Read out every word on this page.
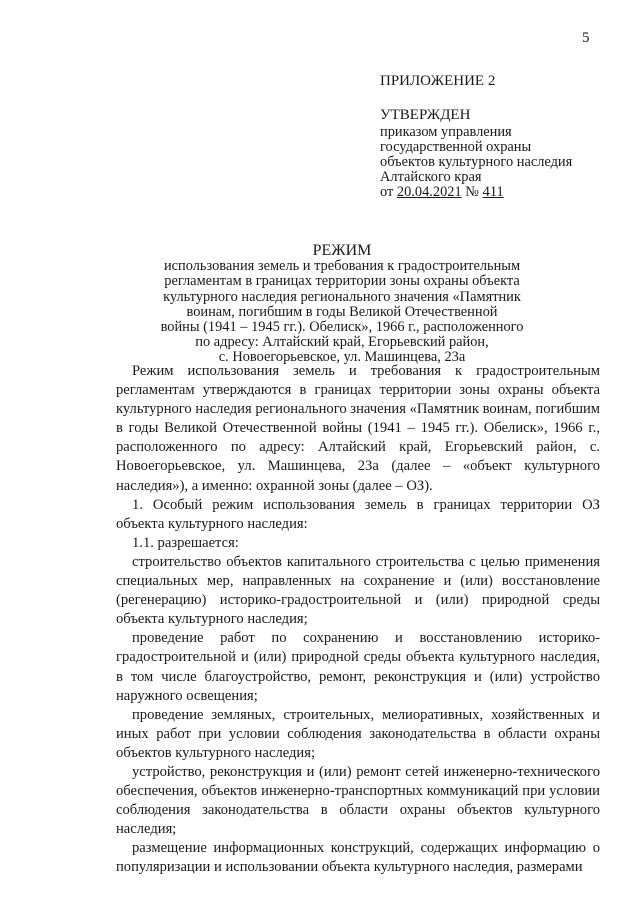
5
ПРИЛОЖЕНИЕ 2
УТВЕРЖДЕН
приказом управления
государственной охраны
объектов культурного наследия
Алтайского края
от 20.04.2021 № 411
РЕЖИМ
использования земель и требования к градостроительным
регламентам в границах территории зоны охраны объекта
культурного наследия регионального значения «Памятник
воинам, погибшим в годы Великой Отечественной
войны (1941 – 1945 гг.). Обелиск», 1966 г., расположенного
по адресу: Алтайский край, Егорьевский район,
с. Новоегорьевское, ул. Машинцева, 23а

Режим использования земель и требования к градостроительным регламентам утверждаются в границах территории зоны охраны объекта культурного наследия регионального значения «Памятник воинам, погибшим в годы Великой Отечественной войны (1941 – 1945 гг.). Обелиск», 1966 г., расположенного по адресу: Алтайский край, Егорьевский район, с. Новоегорьевское, ул. Машинцева, 23а (далее – «объект культурного наследия»), а именно: охранной зоны (далее – ОЗ).

1. Особый режим использования земель в границах территории ОЗ объекта культурного наследия:

1.1. разрешается:

строительство объектов капитального строительства с целью применения специальных мер, направленных на сохранение и (или) восстановление (регенерацию) историко-градостроительной и (или) природной среды объекта культурного наследия;

проведение работ по сохранению и восстановлению историко-градостроительной и (или) природной среды объекта культурного наследия, в том числе благоустройство, ремонт, реконструкция и (или) устройство наружного освещения;

проведение земляных, строительных, мелиоративных, хозяйственных и иных работ при условии соблюдения законодательства в области охраны объектов культурного наследия;

устройство, реконструкция и (или) ремонт сетей инженерно-технического обеспечения, объектов инженерно-транспортных коммуникаций при условии соблюдения законодательства в области охраны объектов культурного наследия;

размещение информационных конструкций, содержащих информацию о популяризации и использовании объекта культурного наследия, размерами
